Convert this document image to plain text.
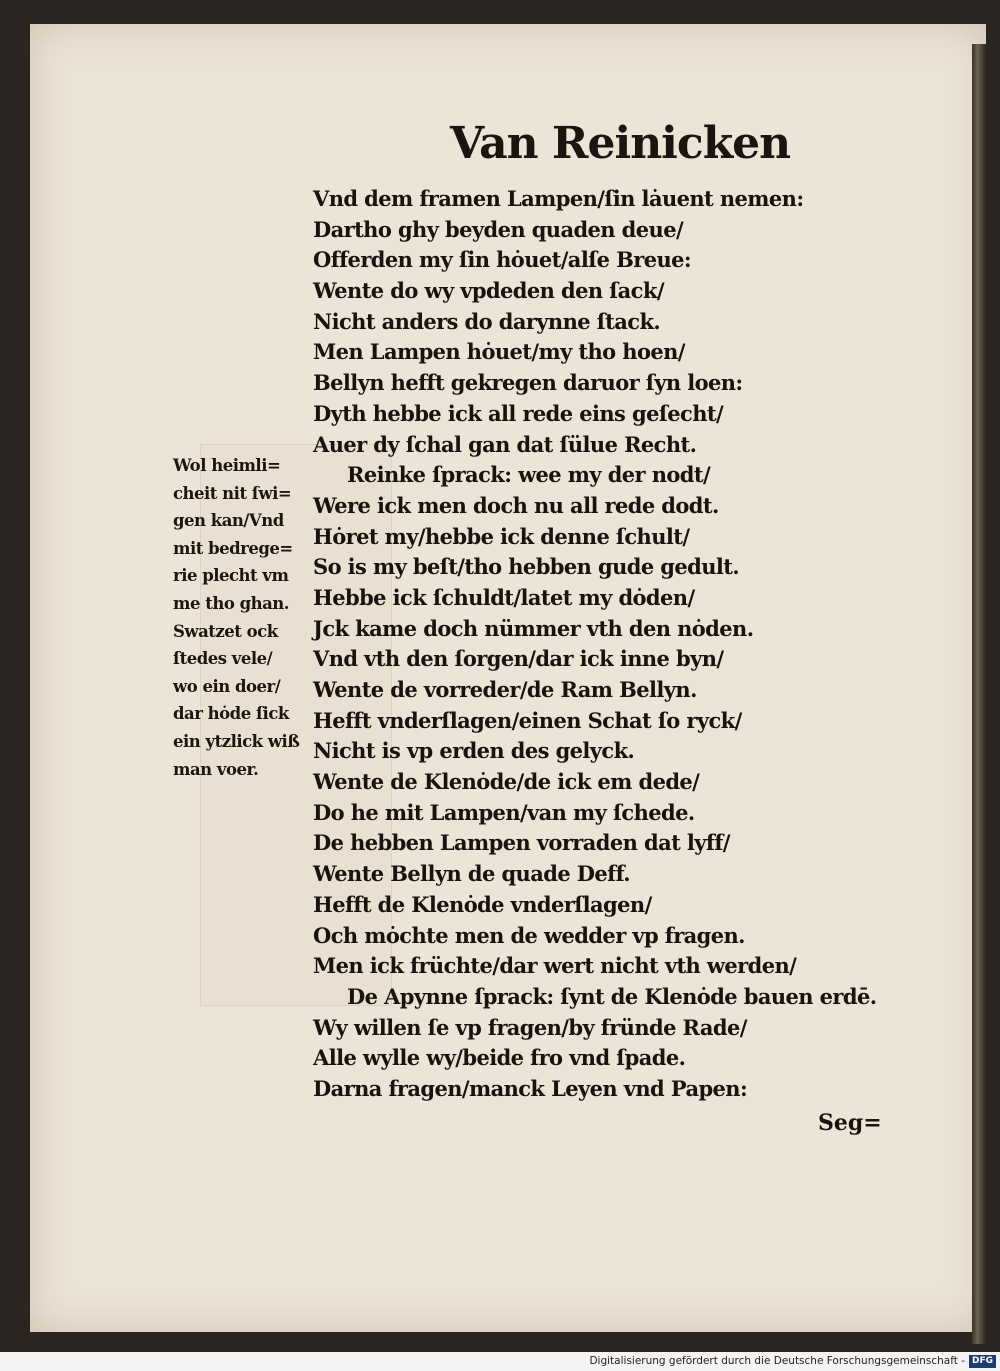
Van Reinicken
Vnd dem framen Lampen/ſin lȧuent nemen:
Dartho ghy beyden quaden deue/
Offerden my ſin hȯuet/alſe Breue:
Wente do wy vpdeden den ſack/
Nicht anders do darynne ſtack.
Men Lampen hȯuet/my tho hoen/
Bellyn hefft gekregen daruor ſyn loen:
Dyth hebbe ick all rede eins geſecht/
Auer dy ſchal gan dat ſülue Recht.
Reinke ſprack: wee my der nodt/
Were ick men doch nu all rede dodt.
Hȯret my/hebbe ick denne ſchult/
So is my beſt/tho hebben gude gedult.
Hebbe ick ſchuldt/latet my dȯden/
Jck kame doch nümmer vth den nȯden.
Vnd vth den ſorgen/dar ick inne byn/
Wente de vorreder/de Ram Bellyn.
Hefft vnderſlagen/einen Schat ſo ryck/
Nicht is vp erden des gelyck.
Wente de Klenȯde/de ick em dede/
Do he mit Lampen/van my ſchede.
De hebben Lampen vorraden dat lyff/
Wente Bellyn de quade Deff.
Hefft de Klenȯde vnderſlagen/
Och mȯchte men de wedder vp fragen.
Men ick früchte/dar wert nicht vth werden/
De Apynne ſprack: ſynt de Klenȯde bauen erdē.
Wy willen ſe vp fragen/by fründe Rade/
Alle wylle wy/beide fro vnd ſpade.
Darna fragen/manck Leyen vnd Papen:
Wol heimli=
cheit nit ſwi=
gen kan/Vnd
mit bedrege=
rie plecht vm
me tho ghan.
Swatzet ock
ſtedes vele/
wo ein doer/
dar hȯde ſick
ein ytzlick wiß
man voer.
Seg=
Digitalisierung gefördert durch die Deutsche Forschungsgemeinschaft - DFG
